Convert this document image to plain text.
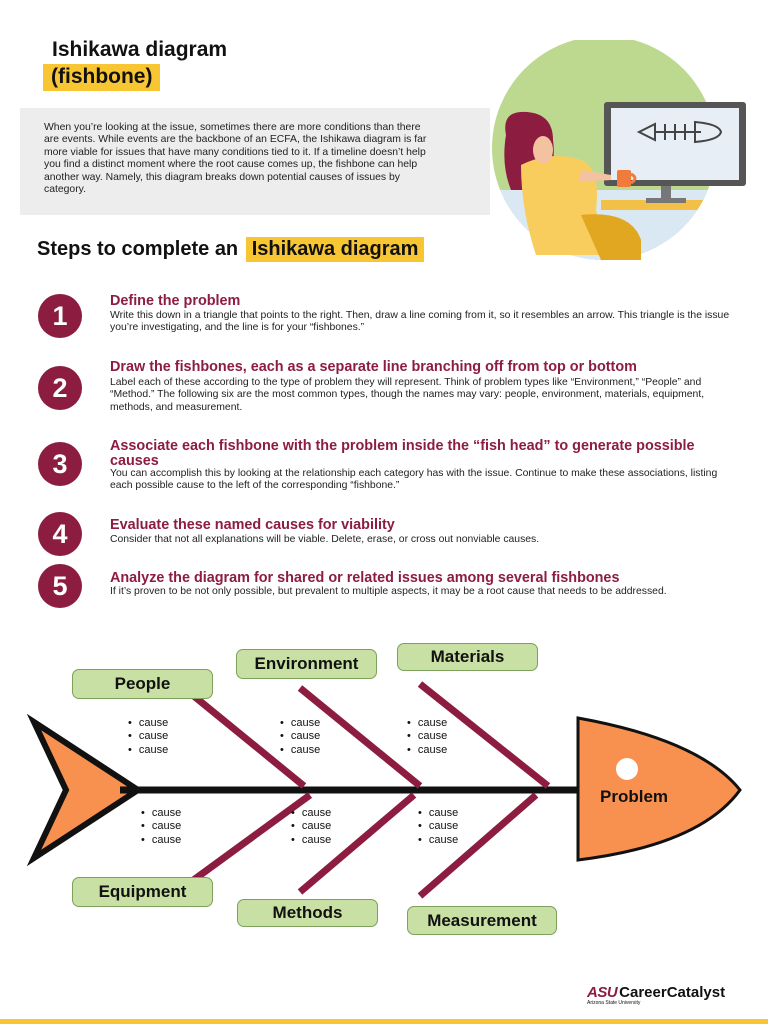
Ishikawa diagram
(fishbone)
When you’re looking at the issue, sometimes there are more conditions than there are events. While events are the backbone of an ECFA, the Ishikawa diagram is far more viable for issues that have many conditions tied to it. If a timeline doesn’t help you find a distinct moment where the root cause comes up, the fishbone can help another way. Namely, this diagram breaks down potential causes of issues by category.
Steps to complete an Ishikawa diagram
1	Define the problem
Write this down in a triangle that points to the right. Then, draw a line coming from it, so it resembles an arrow. This triangle is the issue you’re investigating, and the line is for your “fishbones.”
2
Draw the fishbones, each as a separate line branching off from top or bottom
Label each of these according to the type of problem they will represent. Think of problem types like “Environment,” “People” and “Method.” The following six are the most common types, though the names may vary: people, environment, materials, equipment, methods, and measurement.
3
Associate each fishbone with the problem inside the “fish head” to generate possible causes
You can accomplish this by looking at the relationship each category has with the issue. Continue to make these associations, listing each possible cause to the left of the corresponding “fishbone.”
4	Evaluate these named causes for viability
Consider that not all explanations will be viable. Delete, erase, or cross out nonviable causes.
5	Analyze the diagram for shared or related issues among several fishbones
If it’s proven to be not only possible, but prevalent to multiple aspects, it may be a root cause that needs to be addressed.
People
Environment	Materials
Equipment
Methods	Measurement
• cause
• cause
• cause
• cause
• cause
• cause
• cause
• cause
• cause
• cause
• cause
• cause
• cause
• cause
• cause
• cause
• cause
• cause
Problem
ASU CareerCatalyst
Arizona State University
